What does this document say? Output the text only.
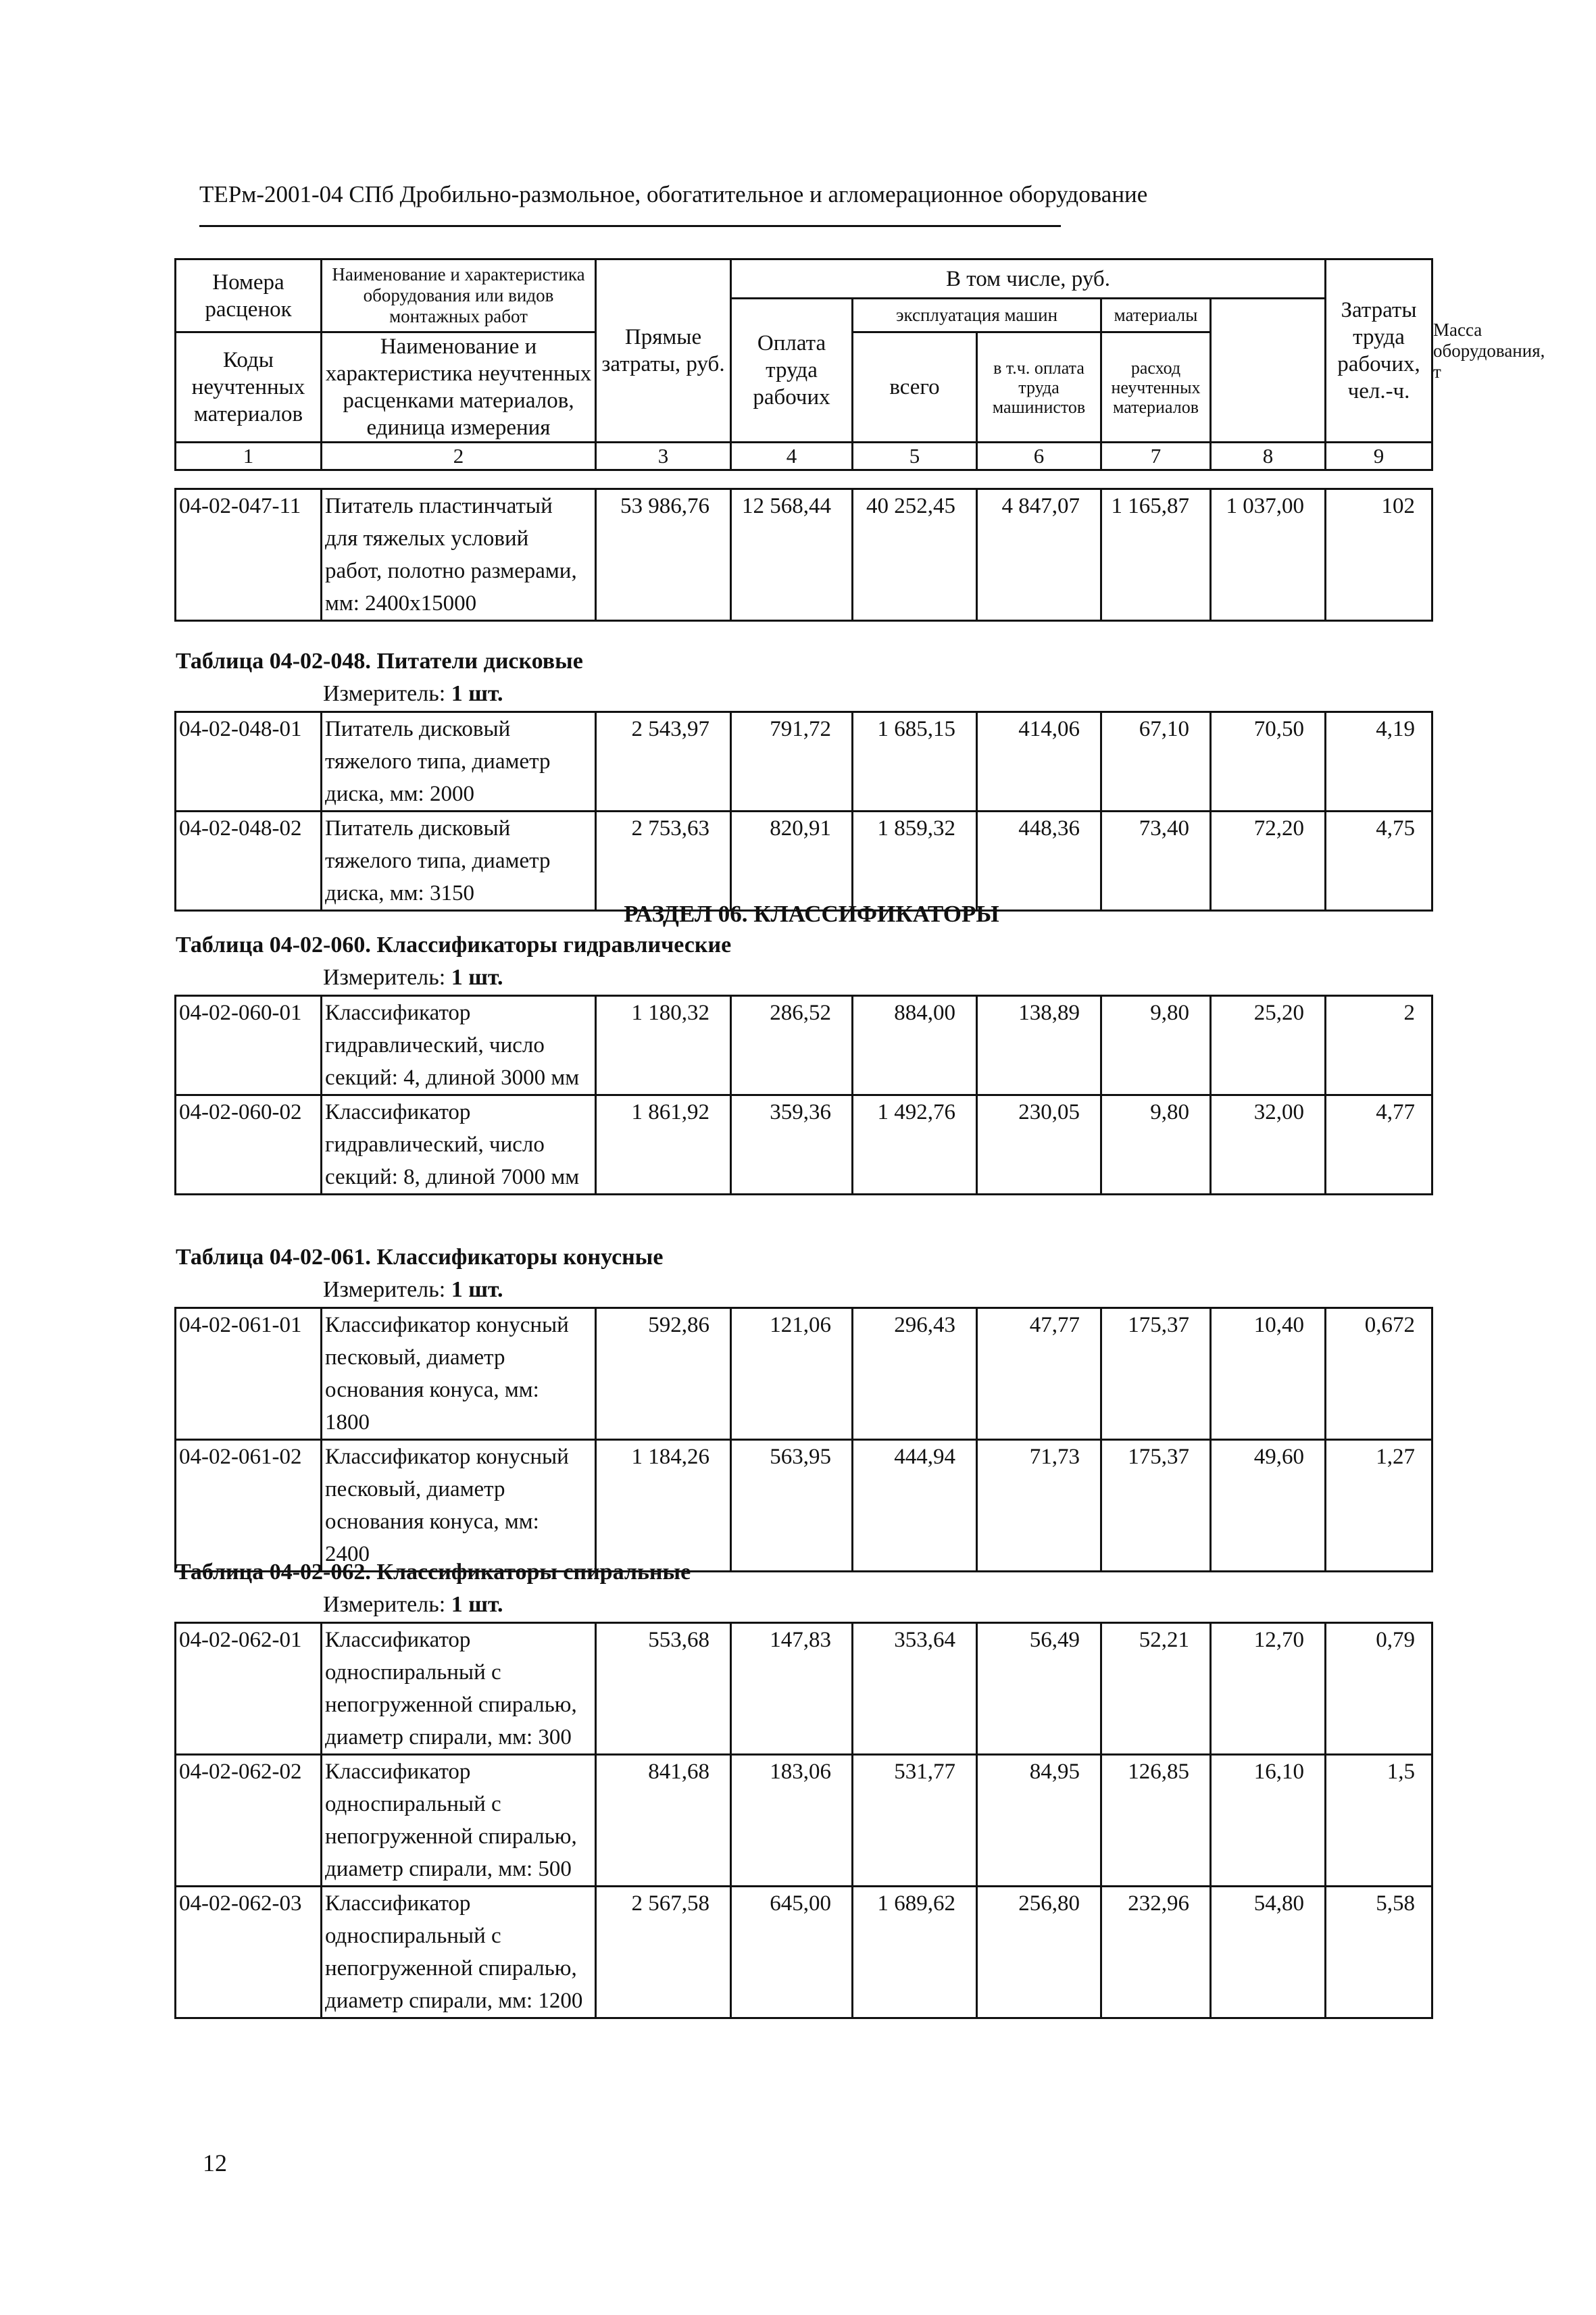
ТЕРм-2001-04 СПб Дробильно-размольное, обогатительное и агломерационное оборудование
Номера расценок	Наименование и характеристика оборудования или видов монтажных работ	Прямые затраты, руб.	В том числе, руб.					Затраты труда рабочих, чел.-ч.	Масса оборудования, т
			Оплата труда рабочих	эксплуатация машин		материалы			
Коды неучтенных материалов	Наименование и характеристика неучтенных расценками материалов, единица измерения			всего	в т.ч. оплата труда машинистов	расход неучтенных материалов			

1	2	3	4	5	6	7	8	9	
04-02-047-11	Питатель пластинчатый для тяжелых условий работ, полотно размерами, мм: 2400x15000	53 986,76	12 568,44	40 252,45	4 847,07	1 165,87	1 037,00	102
Таблица 04-02-048. Питатели дисковые
Измеритель: 1 шт.
04-02-048-01	Питатель дисковый тяжелого типа, диаметр диска, мм: 2000	2 543,97	791,72	1 685,15	414,06	67,10	70,50	4,19
04-02-048-02	Питатель дисковый тяжелого типа, диаметр диска, мм: 3150	2 753,63	820,91	1 859,32	448,36	73,40	72,20	4,75
РАЗДЕЛ 06. КЛАССИФИКАТОРЫ
Таблица 04-02-060. Классификаторы гидравлические
Измеритель: 1 шт.
04-02-060-01	Классификатор гидравлический, число секций: 4, длиной 3000 мм	1 180,32	286,52	884,00	138,89	9,80	25,20	2
04-02-060-02	Классификатор гидравлический, число секций: 8, длиной 7000 мм	1 861,92	359,36	1 492,76	230,05	9,80	32,00	4,77
Таблица 04-02-061. Классификаторы конусные
Измеритель: 1 шт.
04-02-061-01	Классификатор конусный песковый, диаметр основания конуса, мм: 1800	592,86	121,06	296,43	47,77	175,37	10,40	0,672
04-02-061-02	Классификатор конусный песковый, диаметр основания конуса, мм: 2400	1 184,26	563,95	444,94	71,73	175,37	49,60	1,27
Таблица 04-02-062. Классификаторы спиральные
Измеритель: 1 шт.
04-02-062-01	Классификатор односпиральный с непогруженной спиралью, диаметр спирали, мм: 300	553,68	147,83	353,64	56,49	52,21	12,70	0,79
04-02-062-02	Классификатор односпиральный с непогруженной спиралью, диаметр спирали, мм: 500	841,68	183,06	531,77	84,95	126,85	16,10	1,5
04-02-062-03	Классификатор односпиральный с непогруженной спиралью, диаметр спирали, мм: 1200	2 567,58	645,00	1 689,62	256,80	232,96	54,80	5,58
12
